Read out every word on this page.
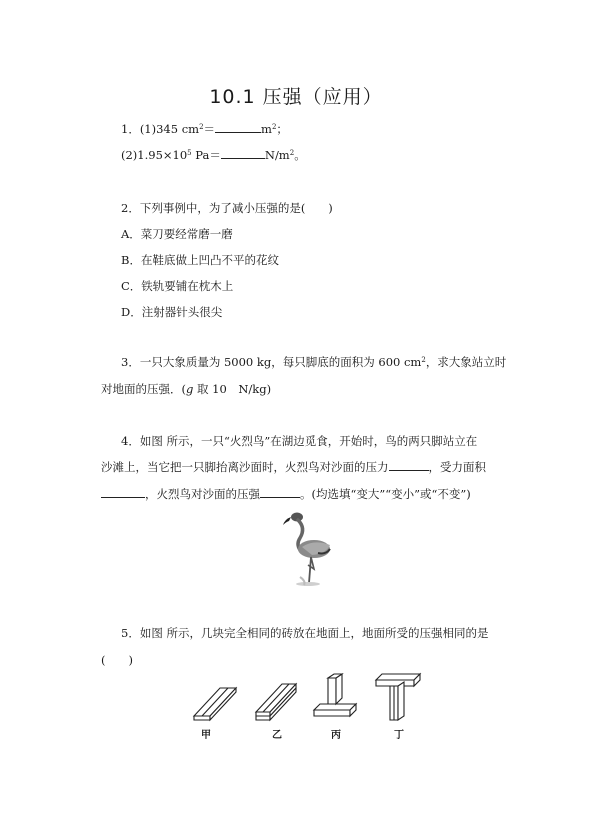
10.1 压强（应用）
1．(1)345 $cm^2=$	$m^2$；
$(2)1.95\times 10^5$ Pa＝	$N/m^2$。
2．下列事例中，为了减小压强的是(　　)
A．菜刀要经常磨一磨
B．在鞋底做上凹凸不平的花纹
C．铁轨要铺在枕木上
D．注射器针头很尖
3．一只大象质量为 5000 kg，每只脚底的面积为 600 $cm^2$，求大象站立时
对地面的压强．(g 取 10　N/kg)
4．如图 所示，一只“火烈鸟”在湖边觅食，开始时，鸟的两只脚站立在
沙滩上，当它把一只脚抬离沙面时，火烈鸟对沙面的压力	，受力面积
，火烈鸟对沙面的压强	。(均选填“变大”“变小”或“不变”)
5．如图 所示，几块完全相同的砖放在地面上，地面所受的压强相同的是
(　　)
甲	乙	丙	丁
